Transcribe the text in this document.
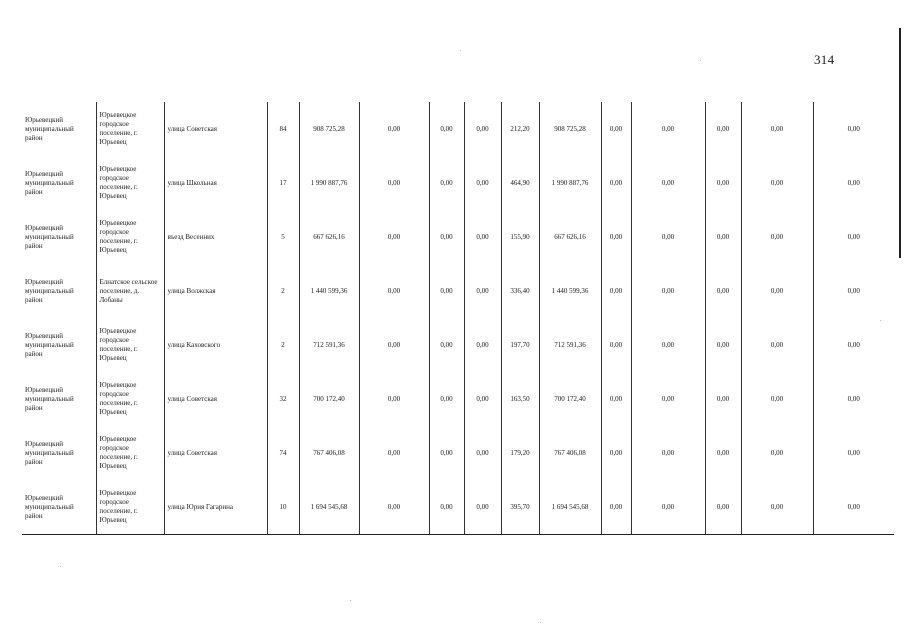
314
Юрьевецкий муниципальный район	Юрьевецкое городское поселение, г. Юрьевец	улица Советская	84	908 725,28	0,00	0,00	0,00	212,20	908 725,28	0,00	0,00	0,00	0,00	0,00
Юрьевецкий муниципальный район	Юрьевецкое городское поселение, г. Юрьевец	улица Школьная	17	1 990 887,76	0,00	0,00	0,00	464,90	1 990 887,76	0,00	0,00	0,00	0,00	0,00
Юрьевецкий муниципальный район	Юрьевецкое городское поселение, г. Юрьевец	въезд Весенних	5	667 626,16	0,00	0,00	0,00	155,90	667 626,16	0,00	0,00	0,00	0,00	0,00
Юрьевецкий муниципальный район	Елнатское сельское поселение, д. Лобаны	улица Волжская	2	1 440 599,36	0,00	0,00	0,00	336,40	1 440 599,36	0,00	0,00	0,00	0,00	0,00
Юрьевецкий муниципальный район	Юрьевецкое городское поселение, г. Юрьевец	улица Каховского	2	712 591,36	0,00	0,00	0,00	197,70	712 591,36	0,00	0,00	0,00	0,00	0,00
Юрьевецкий муниципальный район	Юрьевецкое городское поселение, г. Юрьевец	улица Советская	32	700 172,40	0,00	0,00	0,00	163,50	700 172,40	0,00	0,00	0,00	0,00	0,00
Юрьевецкий муниципальный район	Юрьевецкое городское поселение, г. Юрьевец	улица Советская	74	767 406,08	0,00	0,00	0,00	179,20	767 406,08	0,00	0,00	0,00	0,00	0,00
Юрьевецкий муниципальный район	Юрьевецкое городское поселение, г. Юрьевец	улица Юрия Гагарина	10	1 694 545,68	0,00	0,00	0,00	395,70	1 694 545,68	0,00	0,00	0,00	0,00	0,00
